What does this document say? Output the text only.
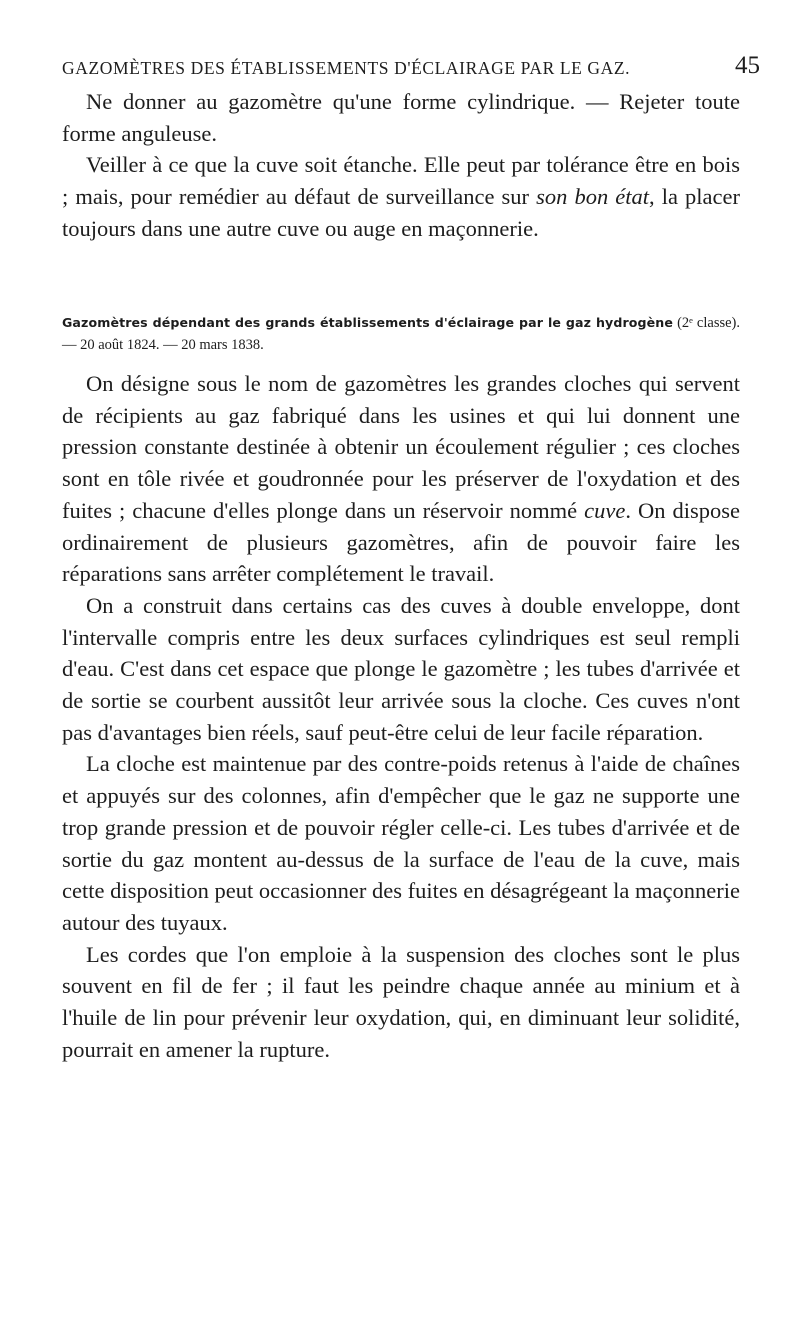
GAZOMÈTRES DES ÉTABLISSEMENTS D'ÉCLAIRAGE PAR LE GAZ.	45

Ne donner au gazomètre qu'une forme cylindrique. — Rejeter toute forme anguleuse.

Veiller à ce que la cuve soit étanche. Elle peut par tolérance être en bois ; mais, pour remédier au défaut de surveillance sur son bon état, la placer toujours dans une autre cuve ou auge en maçonnerie.

Gazomètres dépendant des grands établissements d'éclairage par le gaz hydrogène (2ᵉ classe). — 20 août 1824. — 20 mars 1838.

On désigne sous le nom de gazomètres les grandes cloches qui servent de récipients au gaz fabriqué dans les usines et qui lui donnent une pression constante destinée à obtenir un écoulement régulier ; ces cloches sont en tôle rivée et goudronnée pour les préserver de l'oxydation et des fuites ; chacune d'elles plonge dans un réservoir nommé cuve. On dispose ordinairement de plusieurs gazomètres, afin de pouvoir faire les réparations sans arrêter complétement le travail.

On a construit dans certains cas des cuves à double enveloppe, dont l'intervalle compris entre les deux surfaces cylindriques est seul rempli d'eau. C'est dans cet espace que plonge le gazomètre ; les tubes d'arrivée et de sortie se courbent aussitôt leur arrivée sous la cloche. Ces cuves n'ont pas d'avantages bien réels, sauf peut-être celui de leur facile réparation.

La cloche est maintenue par des contre-poids retenus à l'aide de chaînes et appuyés sur des colonnes, afin d'empêcher que le gaz ne supporte une trop grande pression et de pouvoir régler celle-ci. Les tubes d'arrivée et de sortie du gaz montent au-dessus de la surface de l'eau de la cuve, mais cette disposition peut occasionner des fuites en désagrégeant la maçonnerie autour des tuyaux.

Les cordes que l'on emploie à la suspension des cloches sont le plus souvent en fil de fer ; il faut les peindre chaque année au minium et à l'huile de lin pour prévenir leur oxydation, qui, en diminuant leur solidité, pourrait en amener la rupture.
